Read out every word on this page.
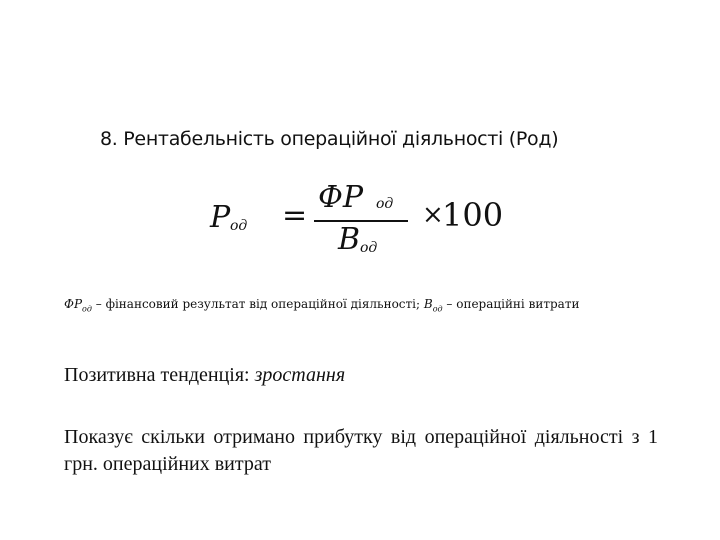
8. Рентабельність операційної діяльності (Род)
P од =
ФP од
B од
×
100

$ФР_{од}$ – фінансовий результат від операційної діяльності; $В_{од}$ – операційні витрати

Позитивна тенденція: зростання

Показує скільки отримано прибутку від операційної діяльності з 1 грн. операційних витрат
